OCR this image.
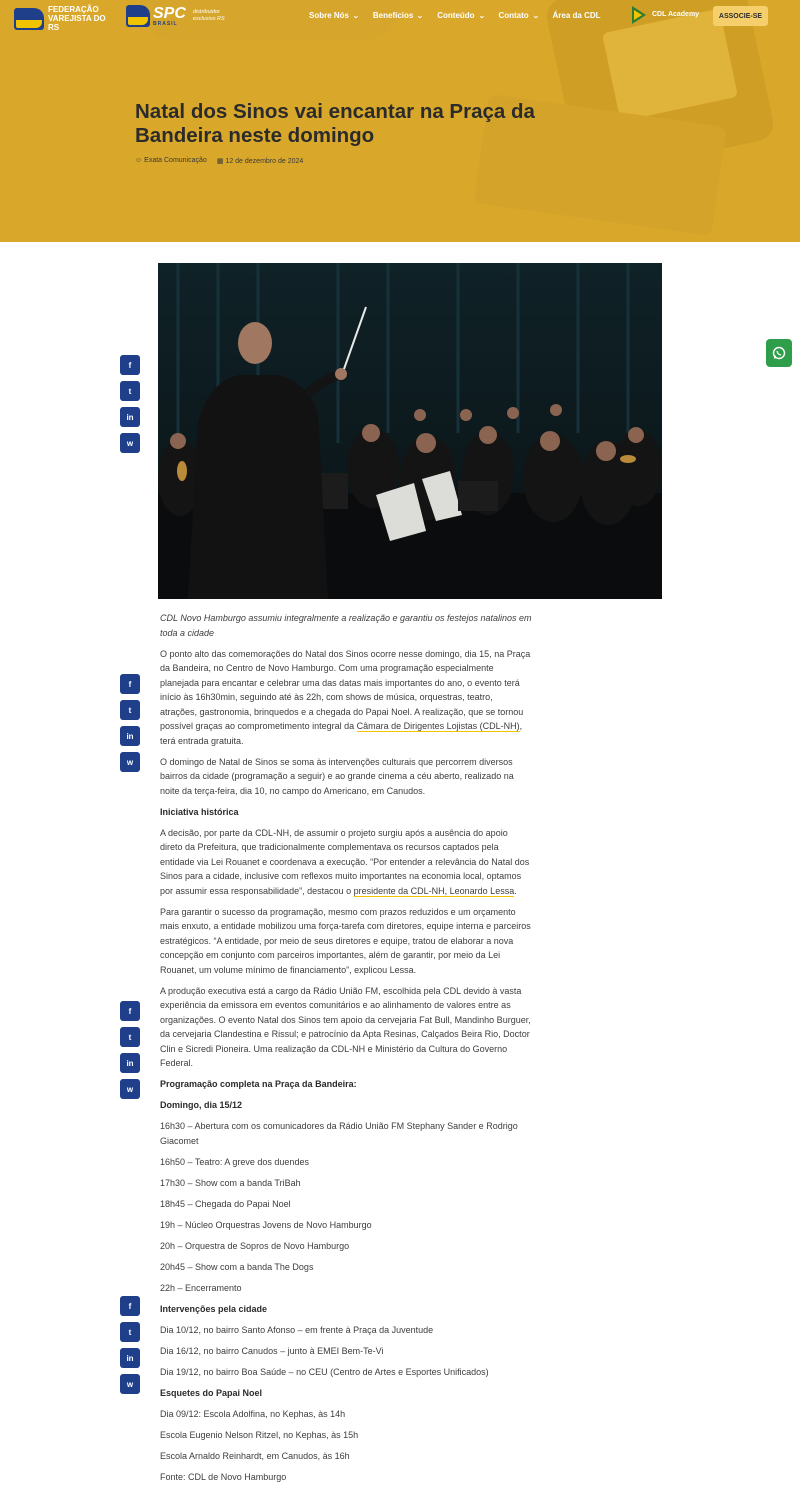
FEDERAÇÃO VAREJISTA DO RS
SPC
BRASIL
distribuidor exclusivo RS	Sobre Nós ⌄ Benefícios ⌄ Conteúdo ⌄ Contato ⌄ Área da CDL	CDL Academy	ASSOCIE-SE
Natal dos Sinos vai encantar na Praça da Bandeira neste domingo
☺ Exata Comunicação ▦ 12 de dezembro de 2024
f
t
in
w
f
t
in
w
f
t
in
w
f
t
in
w

CDL Novo Hamburgo assumiu integralmente a realização e garantiu os festejos natalinos em toda a cidade

O ponto alto das comemorações do Natal dos Sinos ocorre nesse domingo, dia 15, na Praça da Bandeira, no Centro de Novo Hamburgo. Com uma programação especialmente planejada para encantar e celebrar uma das datas mais importantes do ano, o evento terá início às 16h30min, seguindo até às 22h, com shows de música, orquestras, teatro, atrações, gastronomia, brinquedos e a chegada do Papai Noel. A realização, que se tornou possível graças ao comprometimento integral da Câmara de Dirigentes Lojistas (CDL-NH), terá entrada gratuita.

O domingo de Natal de Sinos se soma às intervenções culturais que percorrem diversos bairros da cidade (programação a seguir) e ao grande cinema a céu aberto, realizado na noite da terça-feira, dia 10, no campo do Americano, em Canudos.

Iniciativa histórica

A decisão, por parte da CDL-NH, de assumir o projeto surgiu após a ausência do apoio direto da Prefeitura, que tradicionalmente complementava os recursos captados pela entidade via Lei Rouanet e coordenava a execução. “Por entender a relevância do Natal dos Sinos para a cidade, inclusive com reflexos muito importantes na economia local, optamos por assumir essa responsabilidade”, destacou o presidente da CDL-NH, Leonardo Lessa.

Para garantir o sucesso da programação, mesmo com prazos reduzidos e um orçamento mais enxuto, a entidade mobilizou uma força-tarefa com diretores, equipe interna e parceiros estratégicos. “A entidade, por meio de seus diretores e equipe, tratou de elaborar a nova concepção em conjunto com parceiros importantes, além de garantir, por meio da Lei Rouanet, um volume mínimo de financiamento”, explicou Lessa.

A produção executiva está a cargo da Rádio União FM, escolhida pela CDL devido à vasta experiência da emissora em eventos comunitários e ao alinhamento de valores entre as organizações. O evento Natal dos Sinos tem apoio da cervejaria Fat Bull, Mandinho Burguer, da cervejaria Clandestina e Rissul; e patrocínio da Apta Resinas, Calçados Beira Rio, Doctor Clin e Sicredi Pioneira. Uma realização da CDL-NH e Ministério da Cultura do Governo Federal.

Programação completa na Praça da Bandeira:
Domingo, dia 15/12
16h30 – Abertura com os comunicadores da Rádio União FM Stephany Sander e Rodrigo Giacomet
16h50 – Teatro: A greve dos duendes
17h30 – Show com a banda TriBah
18h45 – Chegada do Papai Noel
19h – Núcleo Orquestras Jovens de Novo Hamburgo
20h – Orquestra de Sopros de Novo Hamburgo
20h45 – Show com a banda The Dogs
22h – Encerramento
Intervenções pela cidade
Dia 10/12, no bairro Santo Afonso – em frente à Praça da Juventude
Dia 16/12, no bairro Canudos – junto à EMEI Bem-Te-Vi
Dia 19/12, no bairro Boa Saúde – no CEU (Centro de Artes e Esportes Unificados)
Esquetes do Papai Noel
Dia 09/12: Escola Adolfina, no Kephas, às 14h
Escola Eugenio Nelson Ritzel, no Kephas, às 15h
Escola Arnaldo Reinhardt, em Canudos, às 16h
Fonte: CDL de Novo Hamburgo
